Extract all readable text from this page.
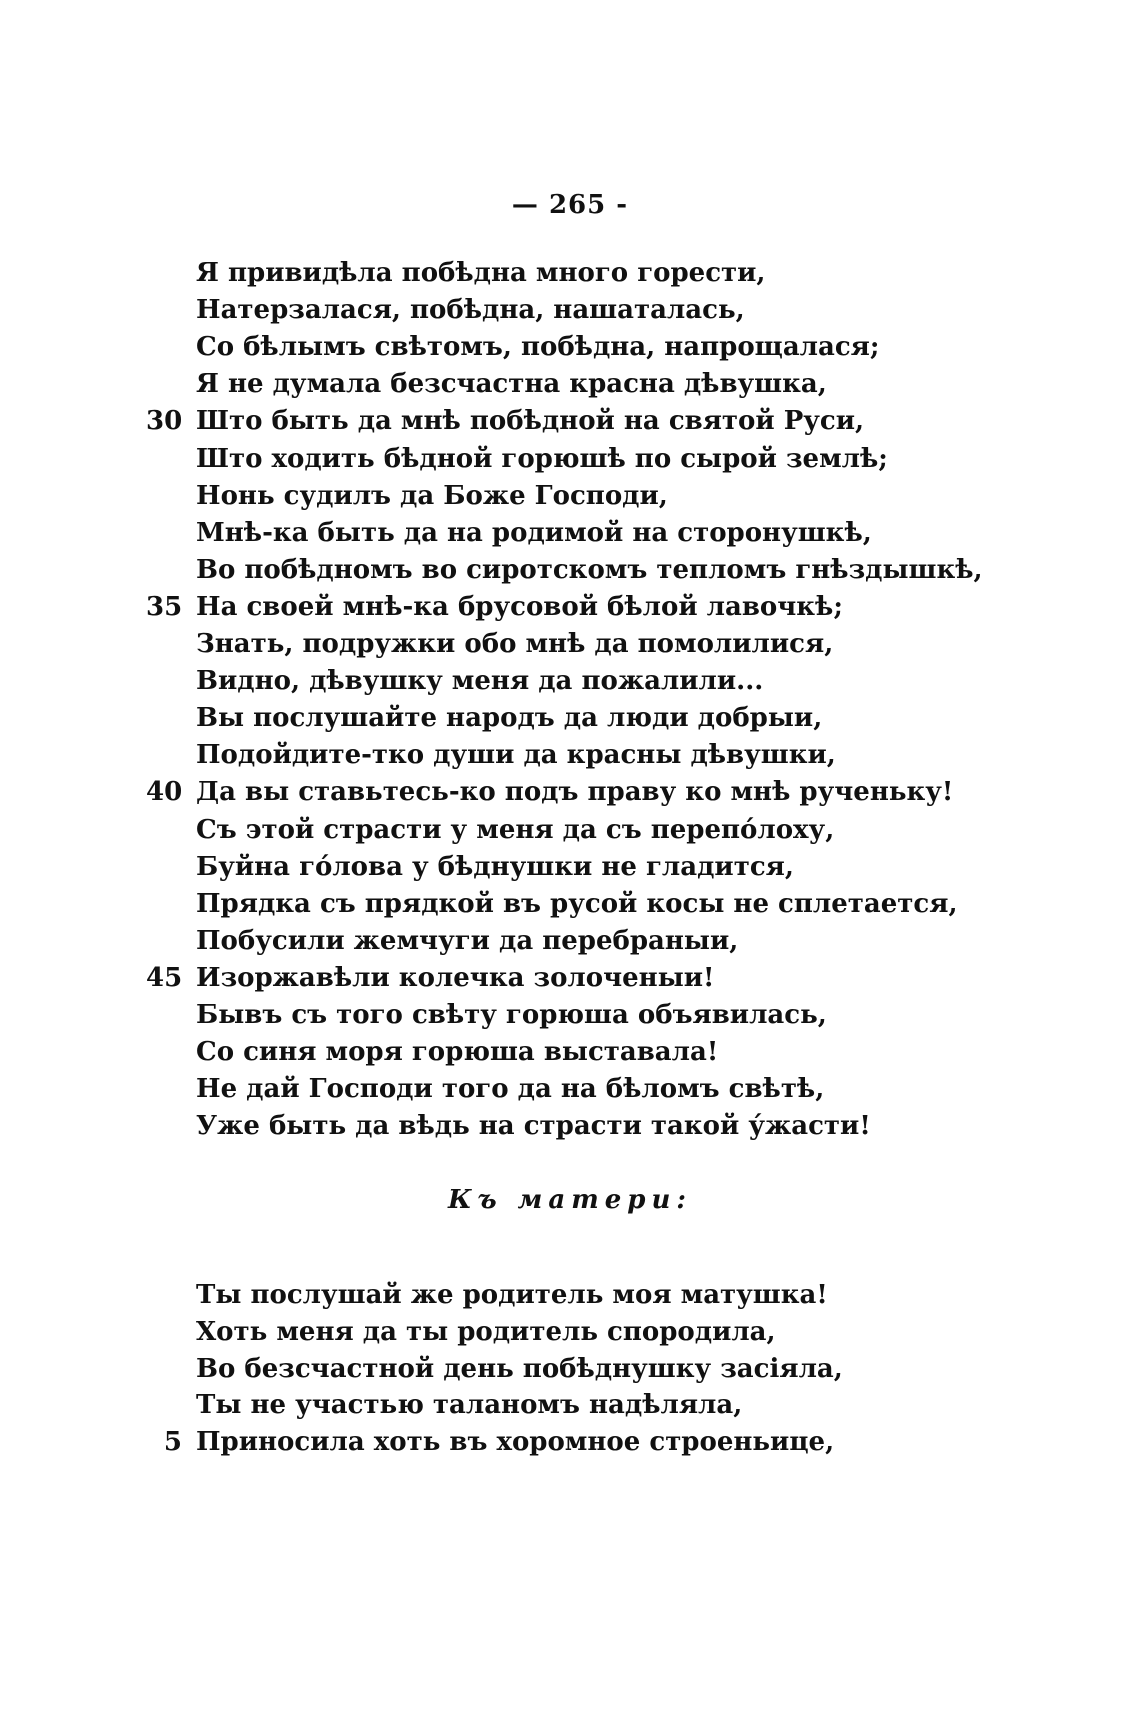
— 265 -
Я привидѣла побѣдна много горести,
Натерзалася, побѣдна, нашаталась,
Со бѣлымъ свѣтомъ, побѣдна, напрощалася;
Я не думала безсчастна красна дѣвушка,
30 Што быть да мнѣ побѣдной на святой Руси,
Што ходить бѣдной горюшѣ по сырой землѣ;
Нонь судилъ да Боже Господи,
Мнѣ-ка быть да на родимой на сторонушкѣ,
Во побѣдномъ во сиротскомъ тепломъ гнѣздышкѣ,
35 На своей мнѣ-ка брусовой бѣлой лавочкѣ;
Знать, подружки обо мнѣ да помолилися,
Видно, дѣвушку меня да пожалили...
Вы послушайте народъ да люди добрыи,
Подойдите-тко души да красны дѣвушки,
40 Да вы ставьтесь-ко подъ праву ко мнѣ рученьку!
Съ этой страсти у меня да съ перепо́лоху,
Буйна го́лова у бѣднушки не гладится,
Прядка съ прядкой въ русой косы не сплетается,
Побусили жемчуги да перебраныи,
45 Изоржавѣли колечка золоченыи!
Бывъ съ того свѣту горюша объявилась,
Со синя моря горюша выставала!
Не дай Господи того да на бѣломъ свѣтѣ,
Уже быть да вѣдь на страсти такой у́жасти!
Къ матери:
Ты послушай же родитель моя матушка!
Хоть меня да ты родитель спородила,
Во безсчастной день побѣднушку засіяла,
Ты не участью таланомъ надѣляла,
5 Приносила хоть въ хоромное строеньице,
